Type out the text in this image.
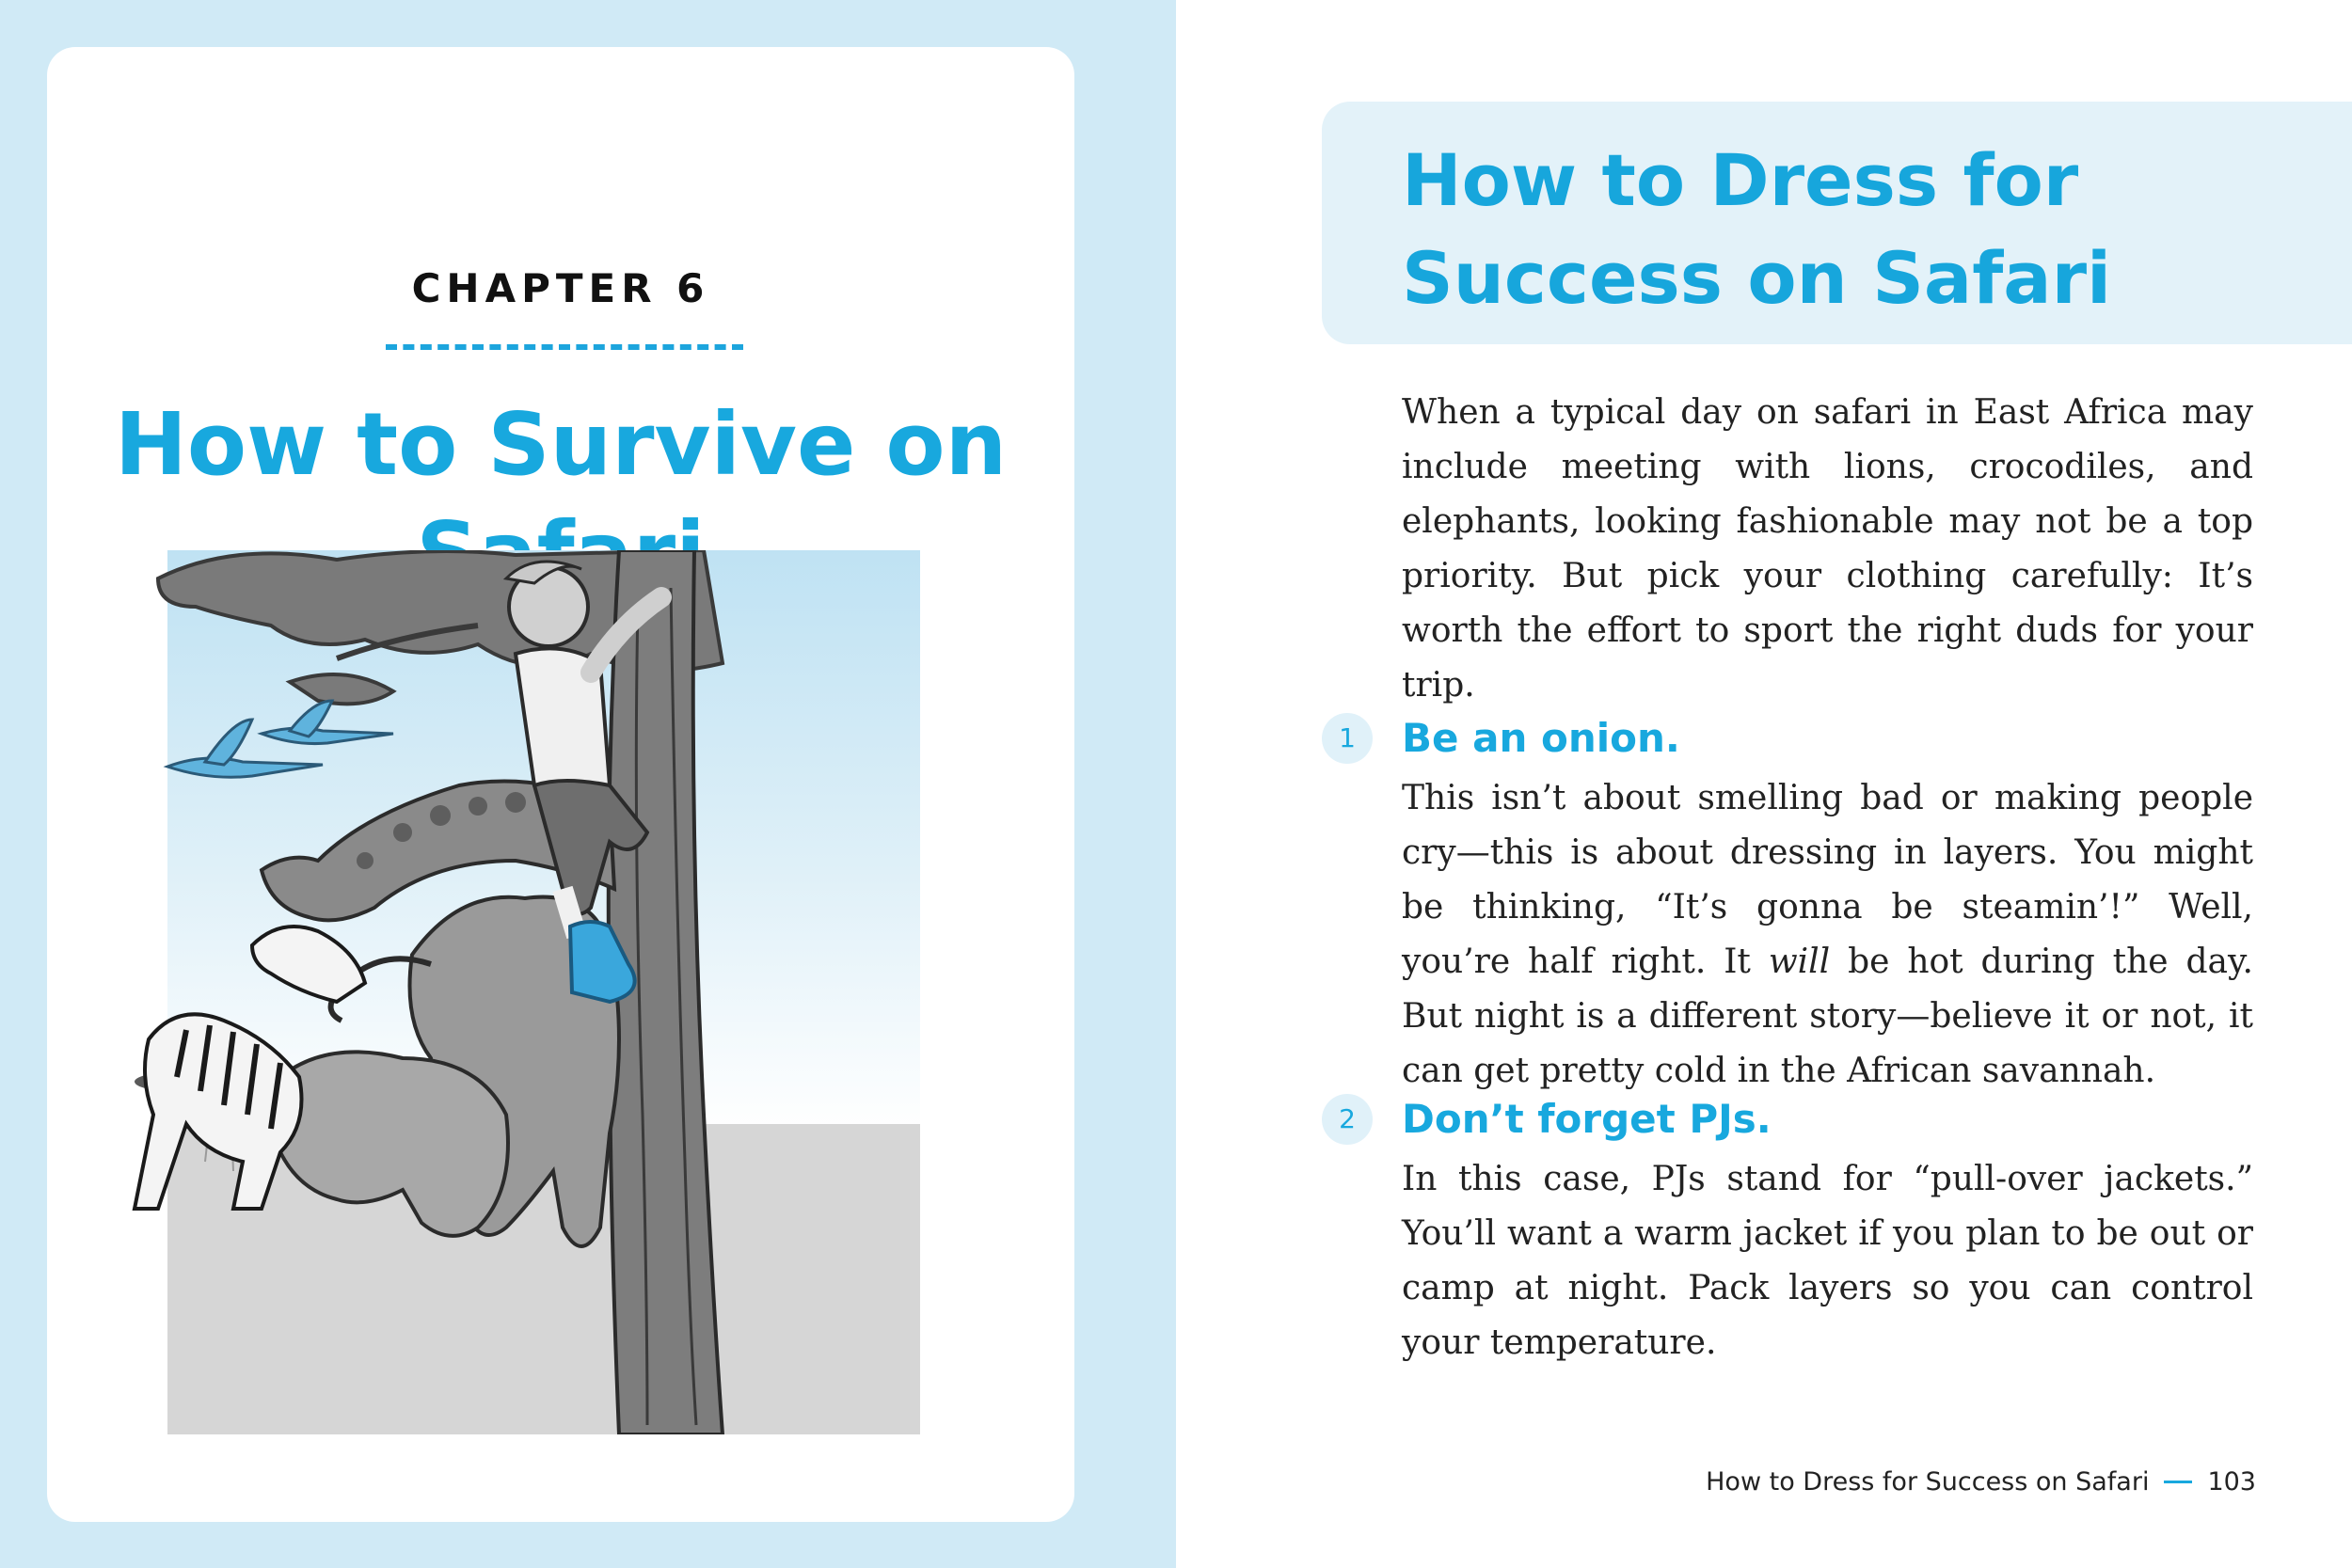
CHAPTER 6
How to Survive on
How to Dress for Success on Safari
When a typical day on safari in East Africa may include meeting with lions, crocodiles, and elephants, looking fashionable may not be a top priority. But pick your clothing carefully: It’s worth the effort to sport the right duds for your trip.
1	Be an onion.
This isn’t about smelling bad or making people cry—this is about dressing in layers. You might be thinking, “It’s gonna be steamin’!” Well, you’re half right. It will be hot during the day. But night is a different story—believe it or not, it can get pretty cold in the African savannah.
2	Don’t forget PJs.
In this case, PJs stand for “pull-over jackets.” You’ll want a warm jacket if you plan to be out or camp at night. Pack layers so you can control your temperature.
How to Dress for Success on Safari 103
